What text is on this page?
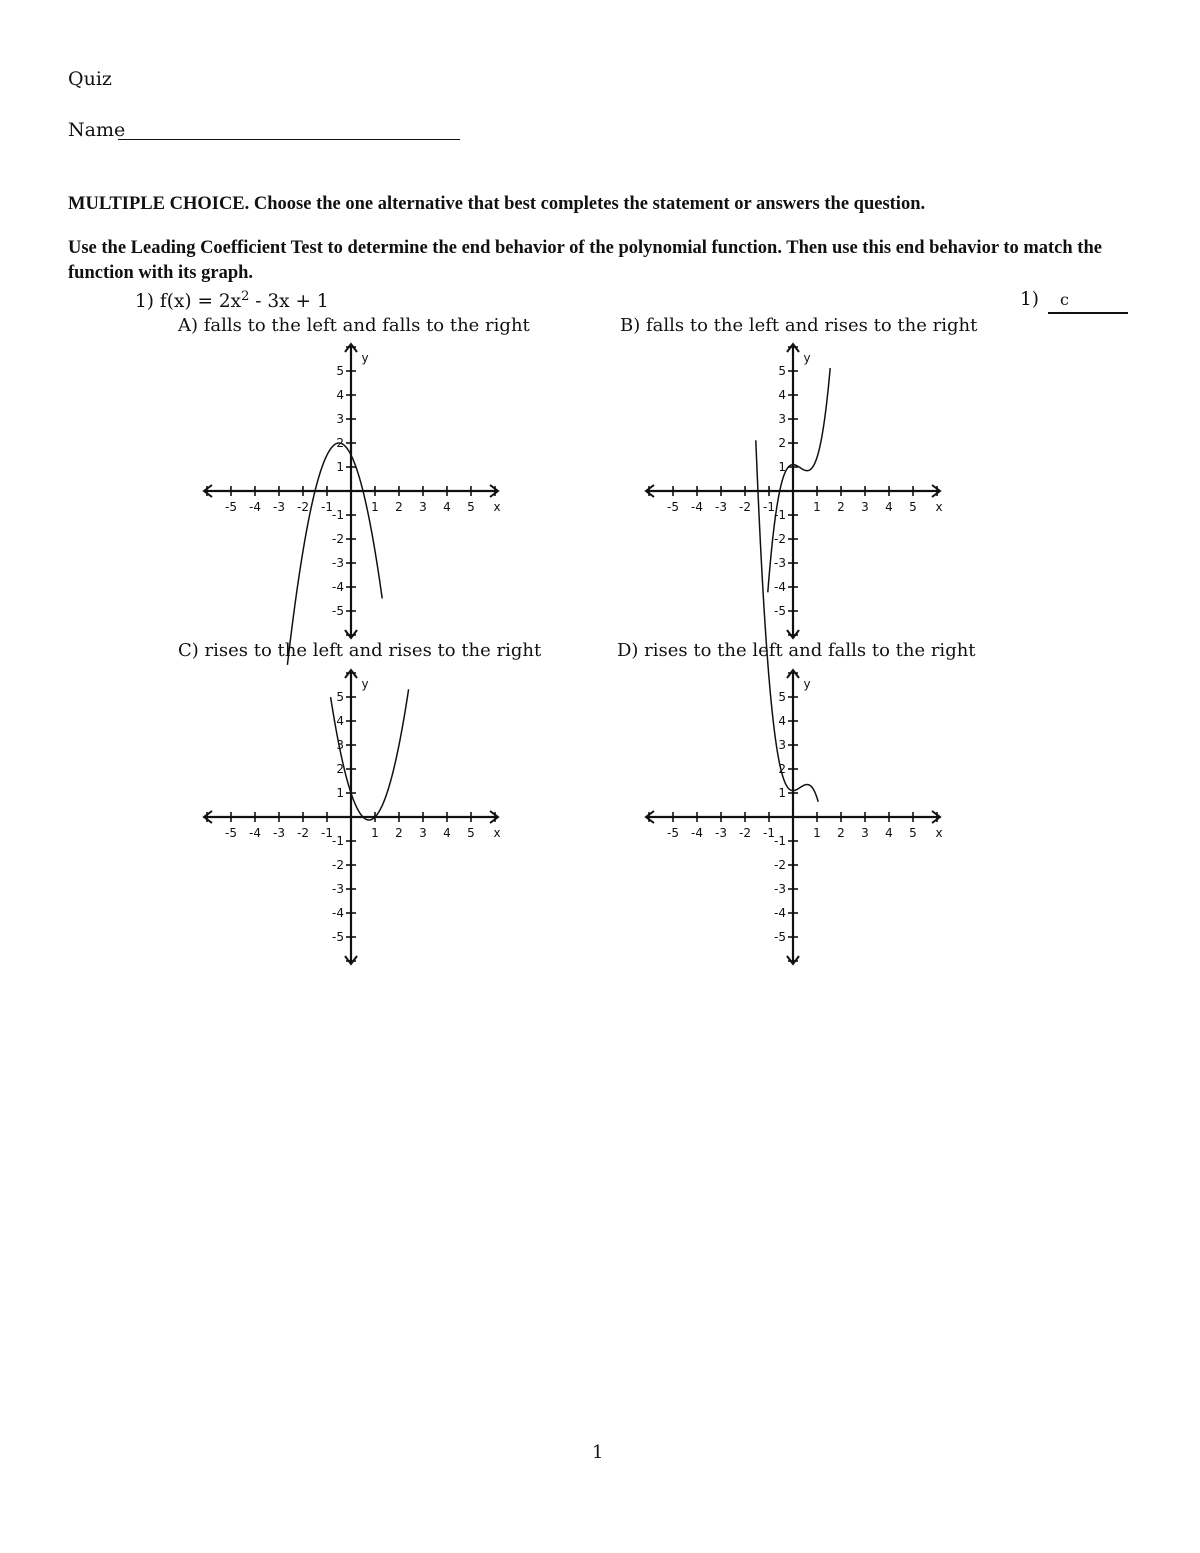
Quiz
Name
MULTIPLE CHOICE. Choose the one alternative that best completes the statement or answers the question.
Use the Leading Coefficient Test to determine the end behavior of the polynomial function. Then use this end behavior to match the function with its graph.
1) $f(x) = 2x^2 - 3x + 1$	1) c
A) falls to the left and falls to the right
-5 -4 -3 -2 -1	1 2 3 4 5 x
5
4
3
2
1
-1
-2
-3
-4
-5
y
B) falls to the left and rises to the right
-5 -4 -3 -2 -1	1 2 3 4 5 x
5
4
3
2
1
-1
-2
-3
-4
-5
y
C) rises to the left and rises to the right
-5 -4 -3 -2 -1	1 2 3 4 5 x
5
4
3
2
1
-1
-2
-3
-4
-5
y
D) rises to the left and falls to the right
-5 -4 -3 -2 -1	1 2 3 4 5 x
5
4
3
2
1
-1
-2
-3
-4
-5
y
1
